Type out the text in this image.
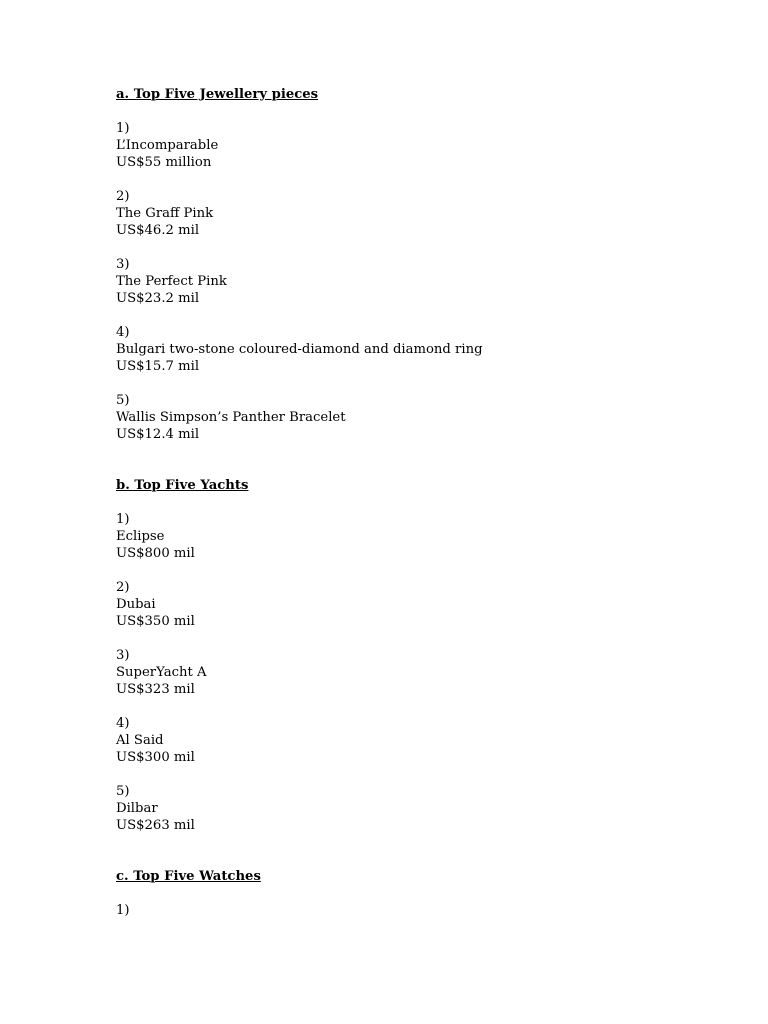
a. Top Five Jewellery pieces
1)
L’Incomparable
US$55 million
2)
The Graff Pink
US$46.2 mil
3)
The Perfect Pink
US$23.2 mil
4)
Bulgari two-stone coloured-diamond and diamond ring
US$15.7 mil
5)
Wallis Simpson’s Panther Bracelet
US$12.4 mil
b. Top Five Yachts
1)
Eclipse
US$800 mil
2)
Dubai
US$350 mil
3)
SuperYacht A
US$323 mil
4)
Al Said
US$300 mil
5)
Dilbar
US$263 mil
c. Top Five Watches
1)
